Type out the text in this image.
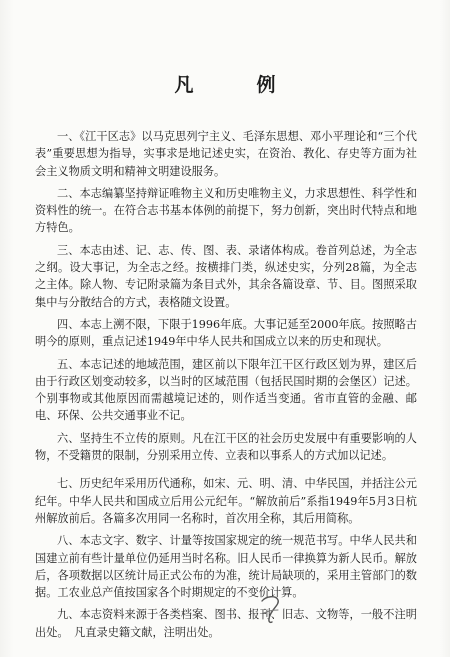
凡　例

一、《江干区志》以马克思列宁主义、毛泽东思想、邓小平理论和“三个代表”重要思想为指导，实事求是地记述史实，在资治、教化、存史等方面为社会主义物质文明和精神文明建设服务。

二、本志编纂坚持辩证唯物主义和历史唯物主义，力求思想性、科学性和资料性的统一。在符合志书基本体例的前提下，努力创新，突出时代特点和地方特色。

三、本志由述、记、志、传、图、表、录诸体构成。卷首列总述，为全志之纲。设大事记，为全志之经。按横排门类，纵述史实，分列28篇，为全志之主体。除人物、专记附录篇为条目式外，其余各篇设章、节、目。图照采取集中与分散结合的方式，表格随文设置。

四、本志上溯不限，下限于1996年底。大事记延至2000年底。按照略古明今的原则，重点记述1949年中华人民共和国成立以来的历史和现状。

五、本志记述的地域范围，建区前以下限年江干区行政区划为界，建区后由于行政区划变动较多，以当时的区域范围（包括民国时期的会堡区）记述。个别事物或其他原因而需越境记述的，则作适当变通。省市直管的金融、邮电、环保、公共交通事业不记。

六、坚持生不立传的原则。凡在江干区的社会历史发展中有重要影响的人物，不受籍贯的限制，分别采用立传、立表和以事系人的方式加以记述。

七、历史纪年采用历代通称，如宋、元、明、清、中华民国，并括注公元纪年。中华人民共和国成立后用公元纪年。“解放前后”系指1949年5月3日杭州解放前后。各篇多次用同一名称时，首次用全称，其后用简称。

八、本志文字、数字、计量等按国家规定的统一规范书写。中华人民共和国建立前有些计量单位仍延用当时名称。旧人民币一律换算为新人民币。解放后，各项数据以区统计局正式公布的为准，统计局缺项的，采用主管部门的数据。工农业总产值按国家各个时期规定的不变价计算。

九、本志资料来源于各类档案、图书、报刊、旧志、文物等，一般不注明出处。　凡直录史籍文献，注明出处。
